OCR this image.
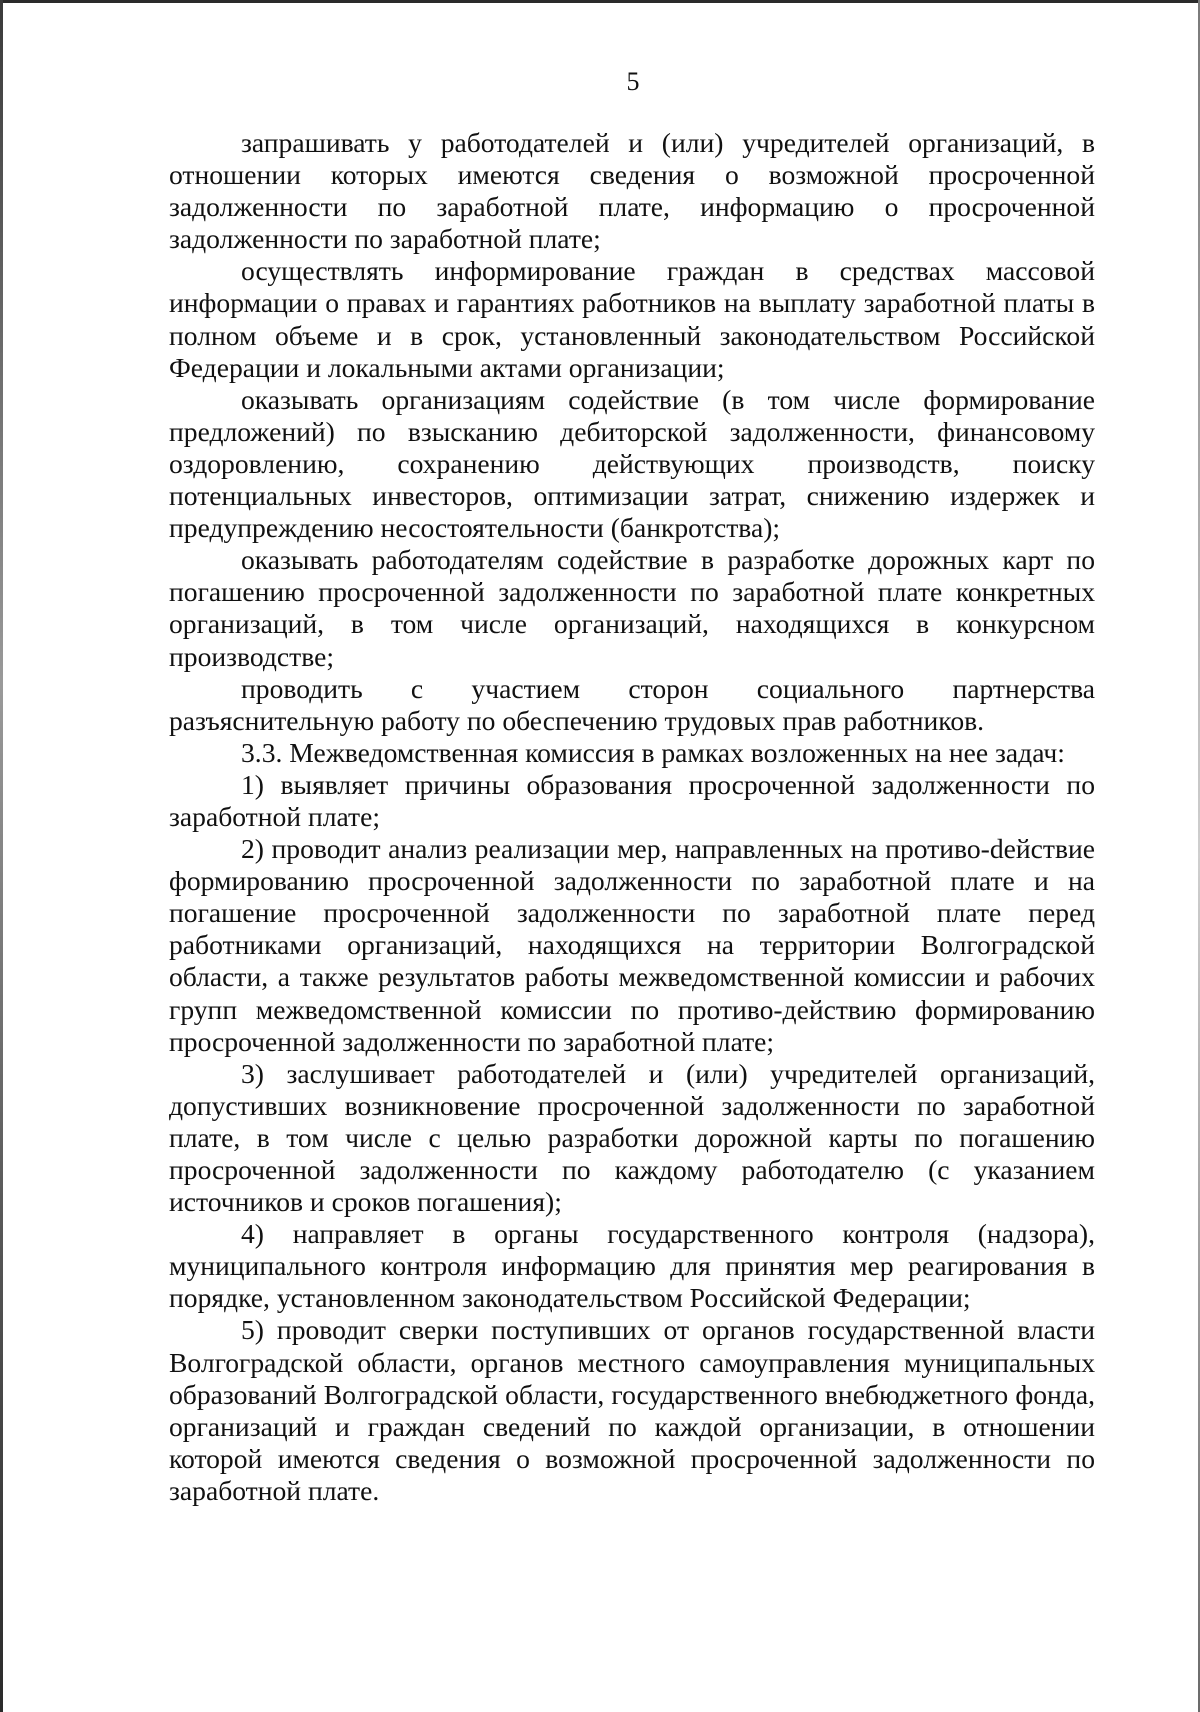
5

запрашивать у работодателей и (или) учредителей организаций, в отношении которых имеются сведения о возможной просроченной задолженности по заработной плате, информацию о просроченной задолженности по заработной плате;

осуществлять информирование граждан в средствах массовой информации о правах и гарантиях работников на выплату заработной платы в полном объеме и в срок, установленный законодательством Российской Федерации и локальными актами организации;

оказывать организациям содействие (в том числе формирование предложений) по взысканию дебиторской задолженности, финансовому оздоровлению, сохранению действующих производств, поиску потенциальных инвесторов, оптимизации затрат, снижению издержек и предупреждению несостоятельности (банкротства);

оказывать работодателям содействие в разработке дорожных карт по погашению просроченной задолженности по заработной плате конкретных организаций, в том числе организаций, находящихся в конкурсном производстве;

проводить с участием сторон социального партнерства разъяснительную работу по обеспечению трудовых прав работников.

3.3. Межведомственная комиссия в рамках возложенных на нее задач:

1) выявляет причины образования просроченной задолженности по заработной плате;

2) проводит анализ реализации мер, направленных на противо-dействие формированию просроченной задолженности по заработной плате и на погашение просроченной задолженности по заработной плате перед работниками организаций, находящихся на территории Волгоградской области, а также результатов работы межведомственной комиссии и рабочих групп межведомственной комиссии по противо-действию формированию просроченной задолженности по заработной плате;

3) заслушивает работодателей и (или) учредителей организаций, допустивших возникновение просроченной задолженности по заработной плате, в том числе с целью разработки дорожной карты по погашению просроченной задолженности по каждому работодателю (с указанием источников и сроков погашения);

4) направляет в органы государственного контроля (надзора), муниципального контроля информацию для принятия мер реагирования в порядке, установленном законодательством Российской Федерации;

5) проводит сверки поступивших от органов государственной власти Волгоградской области, органов местного самоуправления муниципальных образований Волгоградской области, государственного внебюджетного фонда, организаций и граждан сведений по каждой организации, в отношении которой имеются сведения о возможной просроченной задолженности по заработной плате.
